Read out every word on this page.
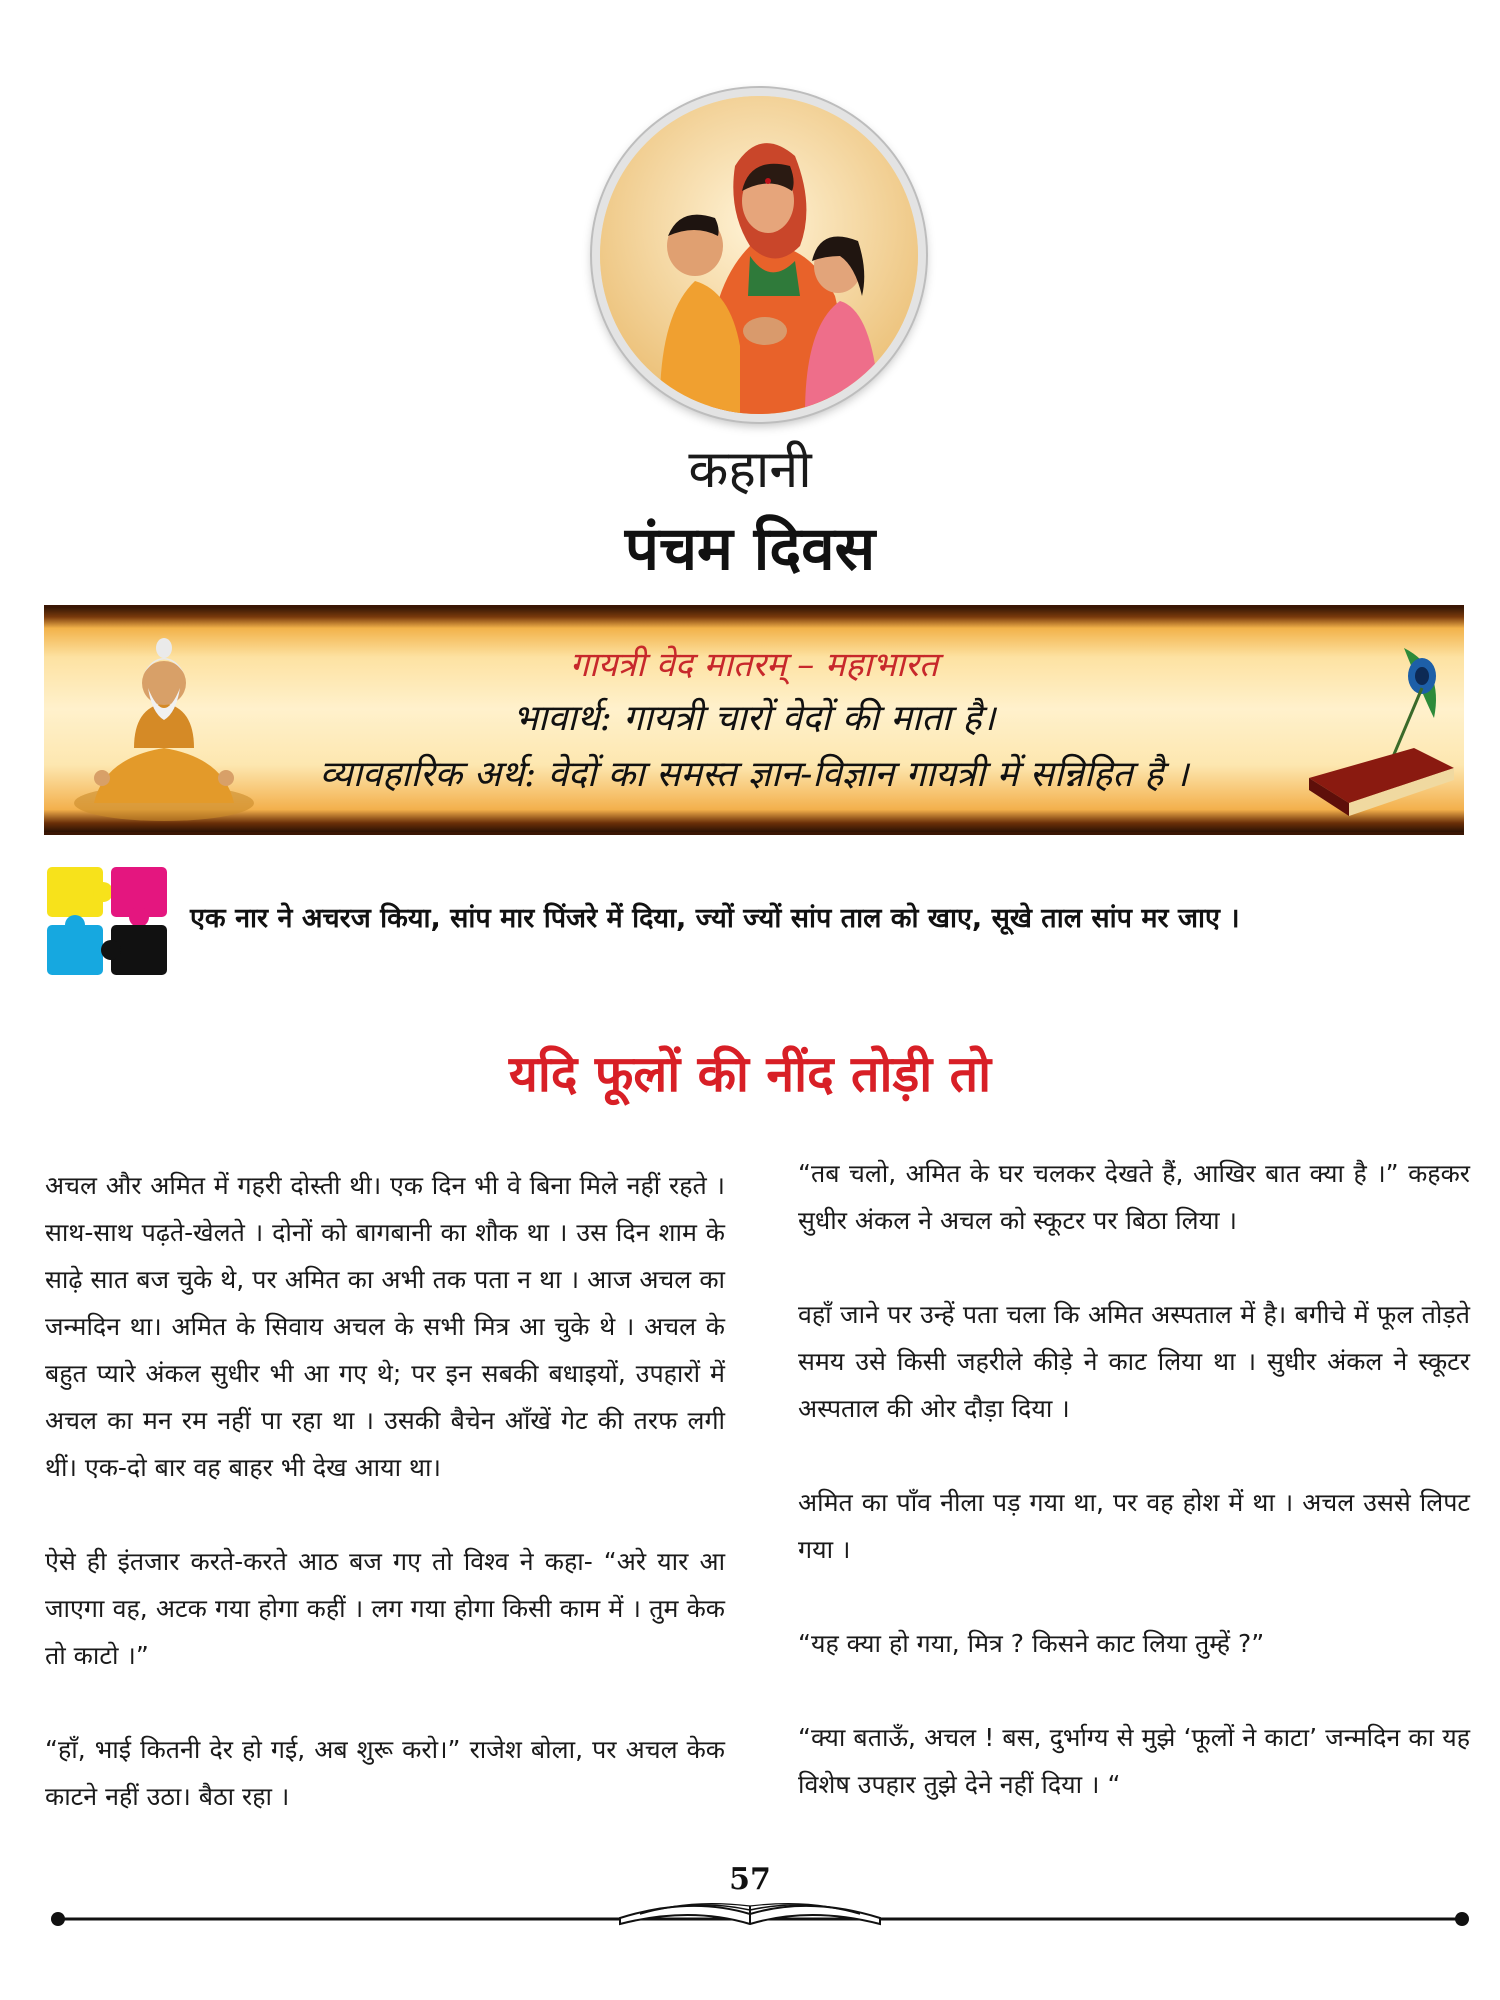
कहानी
पंचम दिवस
गायत्री वेद मातरम् – महाभारत
भावार्थ: गायत्री चारों वेदों की माता है।
व्यावहारिक अर्थ: वेदों का समस्त ज्ञान-विज्ञान गायत्री में सन्निहित है ।
एक नार ने अचरज किया, सांप मार पिंजरे में दिया, ज्यों ज्यों सांप ताल को खाए, सूखे ताल सांप मर जाए ।
यदि फूलों की नींद तोड़ी तो

अचल और अमित में गहरी दोस्ती थी। एक दिन भी वे बिना मिले नहीं रहते । साथ-साथ पढ़ते-खेलते । दोनों को बागबानी का शौक था । उस दिन शाम के साढ़े सात बज चुके थे, पर अमित का अभी तक पता न था । आज अचल का जन्मदिन था। अमित के सिवाय अचल के सभी मित्र आ चुके थे । अचल के बहुत प्यारे अंकल सुधीर भी आ गए थे; पर इन सबकी बधाइयों, उपहारों में अचल का मन रम नहीं पा रहा था । उसकी बैचेन आँखें गेट की तरफ लगी थीं। एक-दो बार वह बाहर भी देख आया था।

ऐसे ही इंतजार करते-करते आठ बज गए तो विश्व ने कहा- “अरे यार आ जाएगा वह, अटक गया होगा कहीं । लग गया होगा किसी काम में । तुम केक तो काटो ।”

“हाँ, भाई कितनी देर हो गई, अब शुरू करो।” राजेश बोला, पर अचल केक काटने नहीं उठा। बैठा रहा ।

“तब चलो, अमित के घर चलकर देखते हैं, आखिर बात क्या है ।” कहकर सुधीर अंकल ने अचल को स्कूटर पर बिठा लिया ।

वहाँ जाने पर उन्हें पता चला कि अमित अस्पताल में है। बगीचे में फूल तोड़ते समय उसे किसी जहरीले कीड़े ने काट लिया था । सुधीर अंकल ने स्कूटर अस्पताल की ओर दौड़ा दिया ।

अमित का पाँव नीला पड़ गया था, पर वह होश में था । अचल उससे लिपट गया ।

“यह क्या हो गया, मित्र ? किसने काट लिया तुम्हें ?”

“क्या बताऊँ, अचल ! बस, दुर्भाग्य से मुझे ‘फूलों ने काटा’ जन्मदिन का यह विशेष उपहार तुझे देने नहीं दिया । “

57
